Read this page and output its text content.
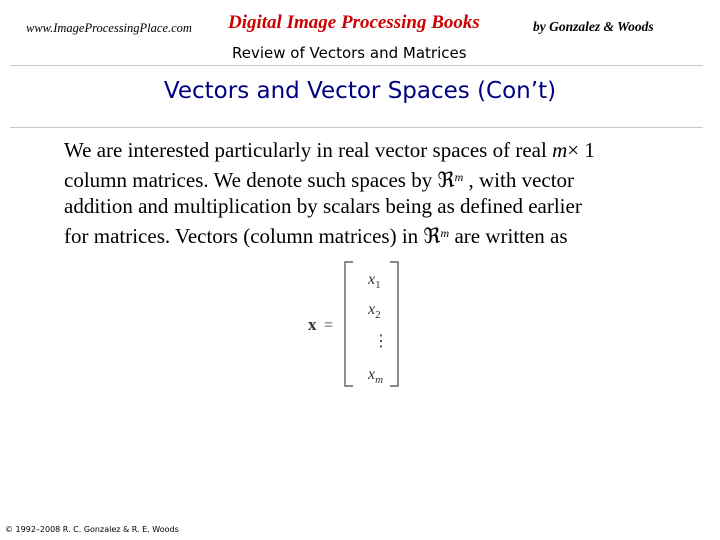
www.ImageProcessingPlace.com Digital Image Processing Books	by Gonzalez & Woods
Review of Vectors and Matrices
Vectors and Vector Spaces (Con’t)
We are interested particularly in real vector spaces of real m× 1
column matrices. We denote such spaces by ℜ$^m$ , with vector
addition and multiplication by scalars being as defined earlier
for matrices. Vectors (column matrices) in ℜ$^m$ are written as
x =
$x_1$
$x_2$
⋮
$x_m$
© 1992–2008 R. C. Gonzalez & R. E. Woods
